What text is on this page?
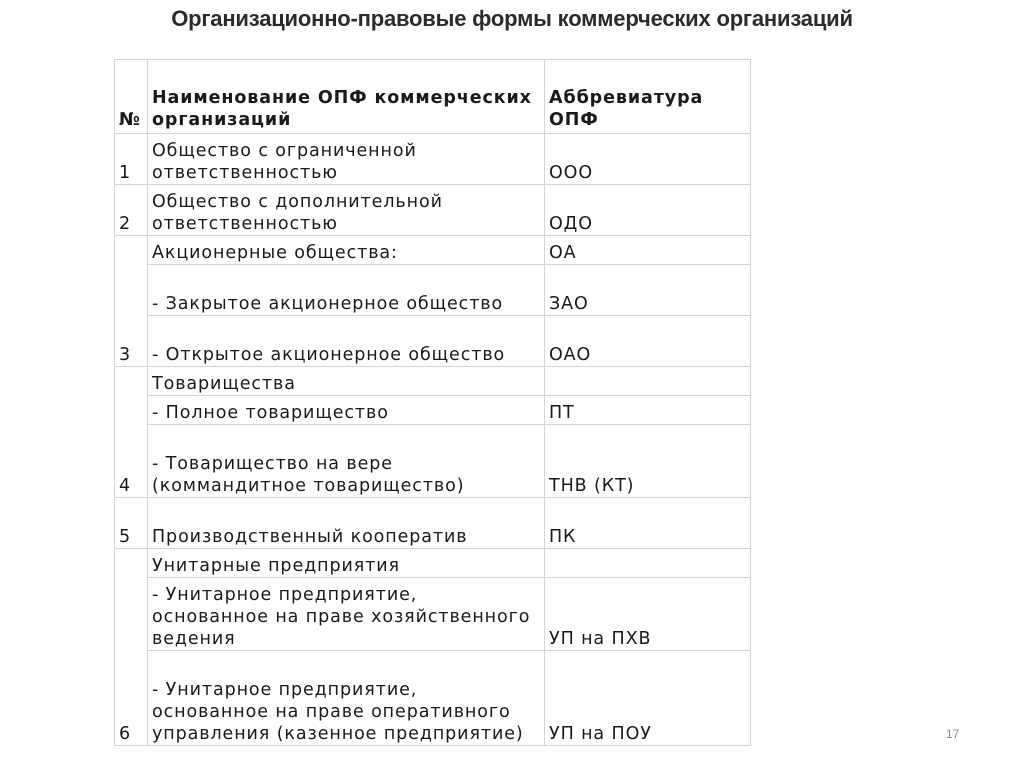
Организационно-правовые формы коммерческих организаций
№	Наименование ОПФ коммерческих организаций	Аббревиатура ОПФ
1	Общество с ограниченной ответственностью	ООО
2	Общество с дополнительной ответственностью	ОДО
	Акционерные общества:	ОА
	- Закрытое акционерное общество	ЗАО
3	- Открытое акционерное общество	ОАО
	Товарищества	
	- Полное товарищество	ПТ
4	- Товарищество на вере (коммандитное товарищество)	ТНВ (КТ)
5	Производственный кооператив	ПК
	Унитарные предприятия	
	- Унитарное предприятие, основанное на праве хозяйственного ведения	УП на ПХВ
6	- Унитарное предприятие, основанное на праве оперативного управления (казенное предприятие)	УП на ПОУ	17
